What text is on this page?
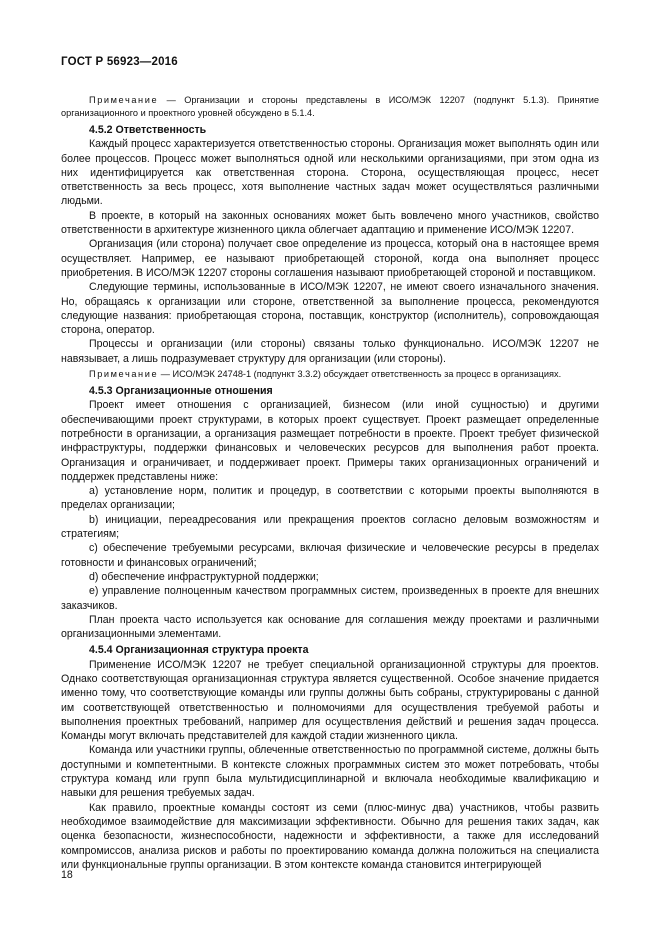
ГОСТ Р 56923—2016

Примечание — Организации и стороны представлены в ИСО/МЭК 12207 (подпункт 5.1.3). Принятие организационного и проектного уровней обсуждено в 5.1.4.

4.5.2 Ответственность

Каждый процесс характеризуется ответственностью стороны. Организация может выполнять один или более процессов. Процесс может выполняться одной или несколькими организациями, при этом одна из них идентифицируется как ответственная сторона. Сторона, осуществляющая процесс, несет ответственность за весь процесс, хотя выполнение частных задач может осуществляться различными людьми.

В проекте, в который на законных основаниях может быть вовлечено много участников, свойство ответственности в архитектуре жизненного цикла облегчает адаптацию и применение ИСО/МЭК 12207.

Организация (или сторона) получает свое определение из процесса, который она в настоящее время осуществляет. Например, ее называют приобретающей стороной, когда она выполняет процесс приобретения. В ИСО/МЭК 12207 стороны соглашения называют приобретающей стороной и поставщиком.

Следующие термины, использованные в ИСО/МЭК 12207, не имеют своего изначального значения. Но, обращаясь к организации или стороне, ответственной за выполнение процесса, рекомендуются следующие названия: приобретающая сторона, поставщик, конструктор (исполнитель), сопровождающая сторона, оператор.

Процессы и организации (или стороны) связаны только функционально. ИСО/МЭК 12207 не навязывает, а лишь подразумевает структуру для организации (или стороны).

Примечание — ИСО/МЭК 24748-1 (подпункт 3.3.2) обсуждает ответственность за процесс в организациях.

4.5.3 Организационные отношения

Проект имеет отношения с организацией, бизнесом (или иной сущностью) и другими обеспечивающими проект структурами, в которых проект существует. Проект размещает определенные потребности в организации, а организация размещает потребности в проекте. Проект требует физической инфраструктуры, поддержки финансовых и человеческих ресурсов для выполнения работ проекта. Организация и ограничивает, и поддерживает проект. Примеры таких организационных ограничений и поддержек представлены ниже:

a) установление норм, политик и процедур, в соответствии с которыми проекты выполняются в пределах организации;

b) инициации, переадресования или прекращения проектов согласно деловым возможностям и стратегиям;

c) обеспечение требуемыми ресурсами, включая физические и человеческие ресурсы в пределах готовности и финансовых ограничений;

d) обеспечение инфраструктурной поддержки;

e) управление полноценным качеством программных систем, произведенных в проекте для внешних заказчиков.

План проекта часто используется как основание для соглашения между проектами и различными организационными элементами.

4.5.4 Организационная структура проекта

Применение ИСО/МЭК 12207 не требует специальной организационной структуры для проектов. Однако соответствующая организационная структура является существенной. Особое значение придается именно тому, что соответствующие команды или группы должны быть собраны, структурированы с данной им соответствующей ответственностью и полномочиями для осуществления требуемой работы и выполнения проектных требований, например для осуществления действий и решения задач процесса. Команды могут включать представителей для каждой стадии жизненного цикла.

Команда или участники группы, облеченные ответственностью по программной системе, должны быть доступными и компетентными. В контексте сложных программных систем это может потребовать, чтобы структура команд или групп была мультидисциплинарной и включала необходимые квалификацию и навыки для решения требуемых задач.

Как правило, проектные команды состоят из семи (плюс-минус два) участников, чтобы развить необходимое взаимодействие для максимизации эффективности. Обычно для решения таких задач, как оценка безопасности, жизнеспособности, надежности и эффективности, а также для исследований компромиссов, анализа рисков и работы по проектированию команда должна положиться на специалиста или функциональные группы организации. В этом контексте команда становится интегрирующей

18
